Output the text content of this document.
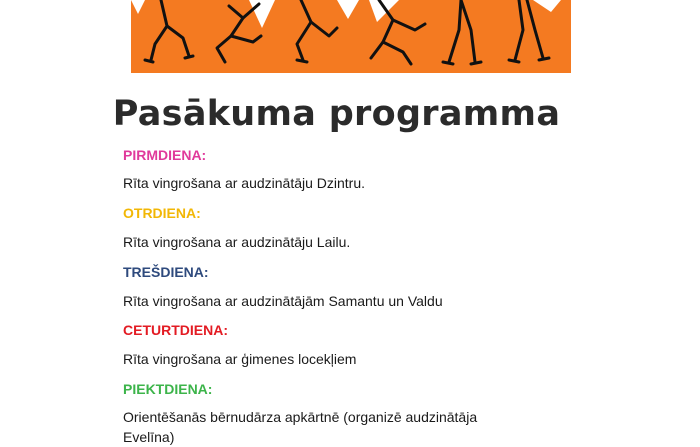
Pasākuma programma
PIRMDIENA:
Rīta vingrošana ar audzinātāju Dzintru.
OTRDIENA:
Rīta vingrošana ar audzinātāju Lailu.
TREŠDIENA:
Rīta vingrošana ar audzinātājām Samantu un Valdu
CETURTDIENA:
Rīta vingrošana ar ģimenes locekļiem
PIEKTDIENA:
Orientēšanās bērnudārza apkārtnē (organizē audzinātāja Evelīna)
